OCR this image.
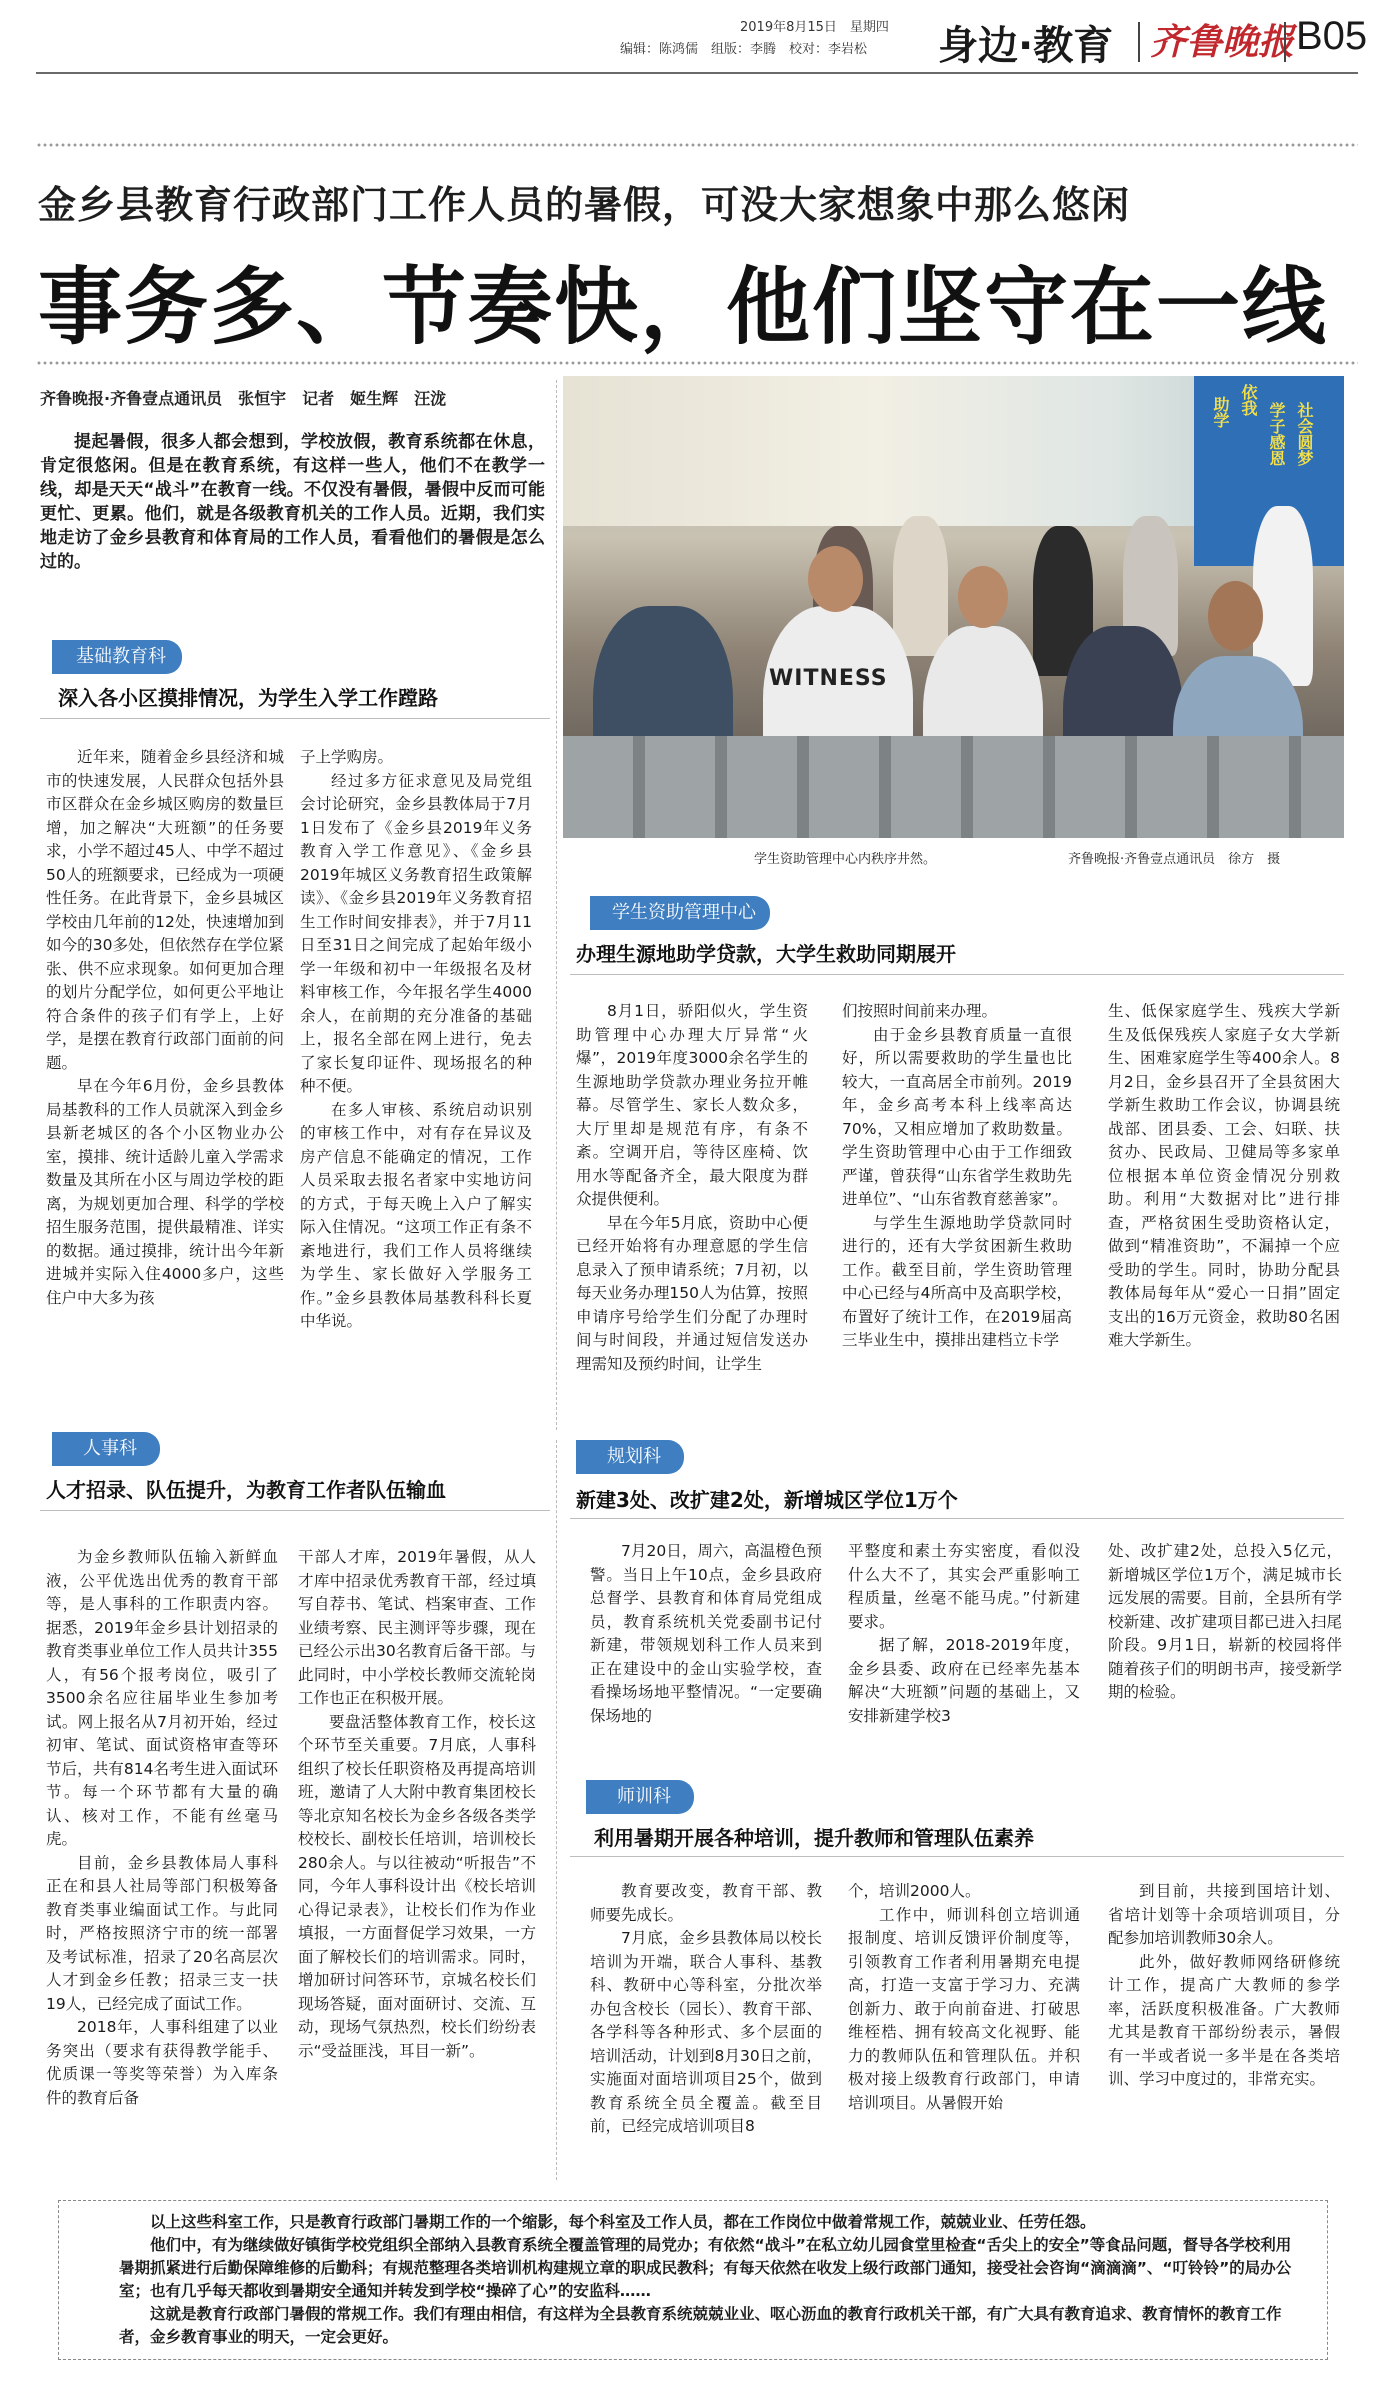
2019年8月15日　星期四
编辑：陈鸿儒　组版：李腾　校对：李岩松 身边·教育 齐鲁晚报 B05
金乡县教育行政部门工作人员的暑假，可没大家想象中那么悠闲
事务多、节奏快，他们坚守在一线
齐鲁晚报·齐鲁壹点通讯员　张恒宇　记者　姬生辉　汪泷
提起暑假，很多人都会想到，学校放假，教育系统都在休息，肯定很悠闲。但是在教育系统，有这样一些人，他们不在教学一线，却是天天“战斗”在教育一线。不仅没有暑假，暑假中反而可能更忙、更累。他们，就是各级教育机关的工作人员。近期，我们实地走访了金乡县教育和体育局的工作人员，看看他们的暑假是怎么过的。
助学 依我
学子感恩 社会圆梦
WITNESS
学生资助管理中心内秩序井然。	齐鲁晚报·齐鲁壹点通讯员　徐方　摄
基础教育科
深入各小区摸排情况，为学生入学工作蹚路

近年来，随着金乡县经济和城市的快速发展，人民群众包括外县市区群众在金乡城区购房的数量巨增，加之解决“大班额”的任务要求，小学不超过45人、中学不超过50人的班额要求，已经成为一项硬性任务。在此背景下，金乡县城区学校由几年前的12处，快速增加到如今的30多处，但依然存在学位紧张、供不应求现象。如何更加合理的划片分配学位，如何更公平地让符合条件的孩子们有学上，上好学，是摆在教育行政部门面前的问题。

早在今年6月份，金乡县教体局基教科的工作人员就深入到金乡县新老城区的各个小区物业办公室，摸排、统计适龄儿童入学需求数量及其所在小区与周边学校的距离，为规划更加合理、科学的学校招生服务范围，提供最精准、详实的数据。通过摸排，统计出今年新进城并实际入住4000多户，这些住户中大多为孩

子上学购房。

经过多方征求意见及局党组会讨论研究，金乡县教体局于7月1日发布了《金乡县2019年义务教育入学工作意见》、《金乡县2019年城区义务教育招生政策解读》、《金乡县2019年义务教育招生工作时间安排表》，并于7月11日至31日之间完成了起始年级小学一年级和初中一年级报名及材料审核工作，今年报名学生4000余人，在前期的充分准备的基础上，报名全部在网上进行，免去了家长复印证件、现场报名的种种不便。

在多人审核、系统启动识别的审核工作中，对有存在异议及房产信息不能确定的情况，工作人员采取去报名者家中实地访问的方式，于每天晚上入户了解实际入住情况。“这项工作正有条不紊地进行，我们工作人员将继续为学生、家长做好入学服务工作。”金乡县教体局基教科科长夏中华说。

学生资助管理中心
办理生源地助学贷款，大学生救助同期展开

8月1日，骄阳似火，学生资助管理中心办理大厅异常“火爆”，2019年度3000余名学生的生源地助学贷款办理业务拉开帷幕。尽管学生、家长人数众多，大厅里却是规范有序，有条不紊。空调开启，等待区座椅、饮用水等配备齐全，最大限度为群众提供便利。

早在今年5月底，资助中心便已经开始将有办理意愿的学生信息录入了预申请系统；7月初，以每天业务办理150人为估算，按照申请序号给学生们分配了办理时间与时间段，并通过短信发送办理需知及预约时间，让学生

们按照时间前来办理。

由于金乡县教育质量一直很好，所以需要救助的学生量也比较大，一直高居全市前列。2019年，金乡高考本科上线率高达70%，又相应增加了救助数量。学生资助管理中心由于工作细致严谨，曾获得“山东省学生救助先进单位”、“山东省教育慈善家”。

与学生生源地助学贷款同时进行的，还有大学贫困新生救助工作。截至目前，学生资助管理中心已经与4所高中及高职学校，布置好了统计工作，在2019届高三毕业生中，摸排出建档立卡学

生、低保家庭学生、残疾大学新生及低保残疾人家庭子女大学新生、困难家庭学生等400余人。8月2日，金乡县召开了全县贫困大学新生救助工作会议，协调县统战部、团县委、工会、妇联、扶贫办、民政局、卫健局等多家单位根据本单位资金情况分别救助。利用“大数据对比”进行排查，严格贫困生受助资格认定，做到“精准资助”，不漏掉一个应受助的学生。同时，协助分配县教体局每年从“爱心一日捐”固定支出的16万元资金，救助80名困难大学新生。

人事科
人才招录、队伍提升，为教育工作者队伍输血

为金乡教师队伍输入新鲜血液，公平优选出优秀的教育干部等，是人事科的工作职责内容。据悉，2019年金乡县计划招录的教育类事业单位工作人员共计355人，有56个报考岗位，吸引了3500余名应往届毕业生参加考试。网上报名从7月初开始，经过初审、笔试、面试资格审查等环节后，共有814名考生进入面试环节。每一个环节都有大量的确认、核对工作，不能有丝毫马虎。

目前，金乡县教体局人事科正在和县人社局等部门积极筹备教育类事业编面试工作。与此同时，严格按照济宁市的统一部署及考试标准，招录了20名高层次人才到金乡任教；招录三支一扶19人，已经完成了面试工作。

2018年，人事科组建了以业务突出（要求有获得教学能手、优质课一等奖等荣誉）为入库条件的教育后备

干部人才库，2019年暑假，从人才库中招录优秀教育干部，经过填写自荐书、笔试、档案审查、工作业绩考察、民主测评等步骤，现在已经公示出30名教育后备干部。与此同时，中小学校长教师交流轮岗工作也正在积极开展。

要盘活整体教育工作，校长这个环节至关重要。7月底，人事科组织了校长任职资格及再提高培训班，邀请了人大附中教育集团校长等北京知名校长为金乡各级各类学校校长、副校长任培训，培训校长280余人。与以往被动“听报告”不同，今年人事科设计出《校长培训心得记录表》，让校长们作为作业填报，一方面督促学习效果，一方面了解校长们的培训需求。同时，增加研讨问答环节，京城名校长们现场答疑，面对面研讨、交流、互动，现场气氛热烈，校长们纷纷表示“受益匪浅，耳目一新”。

规划科
新建3处、改扩建2处，新增城区学位1万个

7月20日，周六，高温橙色预警。当日上午10点，金乡县政府总督学、县教育和体育局党组成员，教育系统机关党委副书记付新建，带领规划科工作人员来到正在建设中的金山实验学校，查看操场场地平整情况。“一定要确保场地的

平整度和素土夯实密度，看似没什么大不了，其实会严重影响工程质量，丝毫不能马虎。”付新建要求。

据了解，2018-2019年度，金乡县委、政府在已经率先基本解决“大班额”问题的基础上，又安排新建学校3

处、改扩建2处，总投入5亿元，新增城区学位1万个，满足城市长远发展的需要。目前，全县所有学校新建、改扩建项目都已进入扫尾阶段。9月1日，崭新的校园将伴随着孩子们的明朗书声，接受新学期的检验。

师训科
利用暑期开展各种培训，提升教师和管理队伍素养

教育要改变，教育干部、教师要先成长。

7月底，金乡县教体局以校长培训为开端，联合人事科、基教科、教研中心等科室，分批次举办包含校长（园长）、教育干部、各学科等各种形式、多个层面的培训活动，计划到8月30日之前，实施面对面培训项目25个，做到教育系统全员全覆盖。截至目前，已经完成培训项目8

个，培训2000人。

工作中，师训科创立培训通报制度、培训反馈评价制度等，引领教育工作者利用暑期充电提高，打造一支富于学习力、充满创新力、敢于向前奋进、打破思维桎梏、拥有较高文化视野、能力的教师队伍和管理队伍。并积极对接上级教育行政部门，申请培训项目。从暑假开始

到目前，共接到国培计划、省培计划等十余项培训项目，分配参加培训教师30余人。

此外，做好教师网络研修统计工作，提高广大教师的参学率，活跃度积极准备。广大教师尤其是教育干部纷纷表示，暑假有一半或者说一多半是在各类培训、学习中度过的，非常充实。

以上这些科室工作，只是教育行政部门暑期工作的一个缩影，每个科室及工作人员，都在工作岗位中做着常规工作，兢兢业业、任劳任怨。

他们中，有为继续做好镇街学校党组织全部纳入县教育系统全覆盖管理的局党办；有依然“战斗”在私立幼儿园食堂里检查“舌尖上的安全”等食品问题，督导各学校利用暑期抓紧进行后勤保障维修的后勤科；有规范整理各类培训机构建规立章的职成民教科；有每天依然在收发上级行政部门通知，接受社会咨询“滴滴滴”、“叮铃铃”的局办公室；也有几乎每天都收到暑期安全通知并转发到学校“操碎了心”的安监科……

这就是教育行政部门暑假的常规工作。我们有理由相信，有这样为全县教育系统兢兢业业、呕心沥血的教育行政机关干部，有广大具有教育追求、教育情怀的教育工作者，金乡教育事业的明天，一定会更好。
